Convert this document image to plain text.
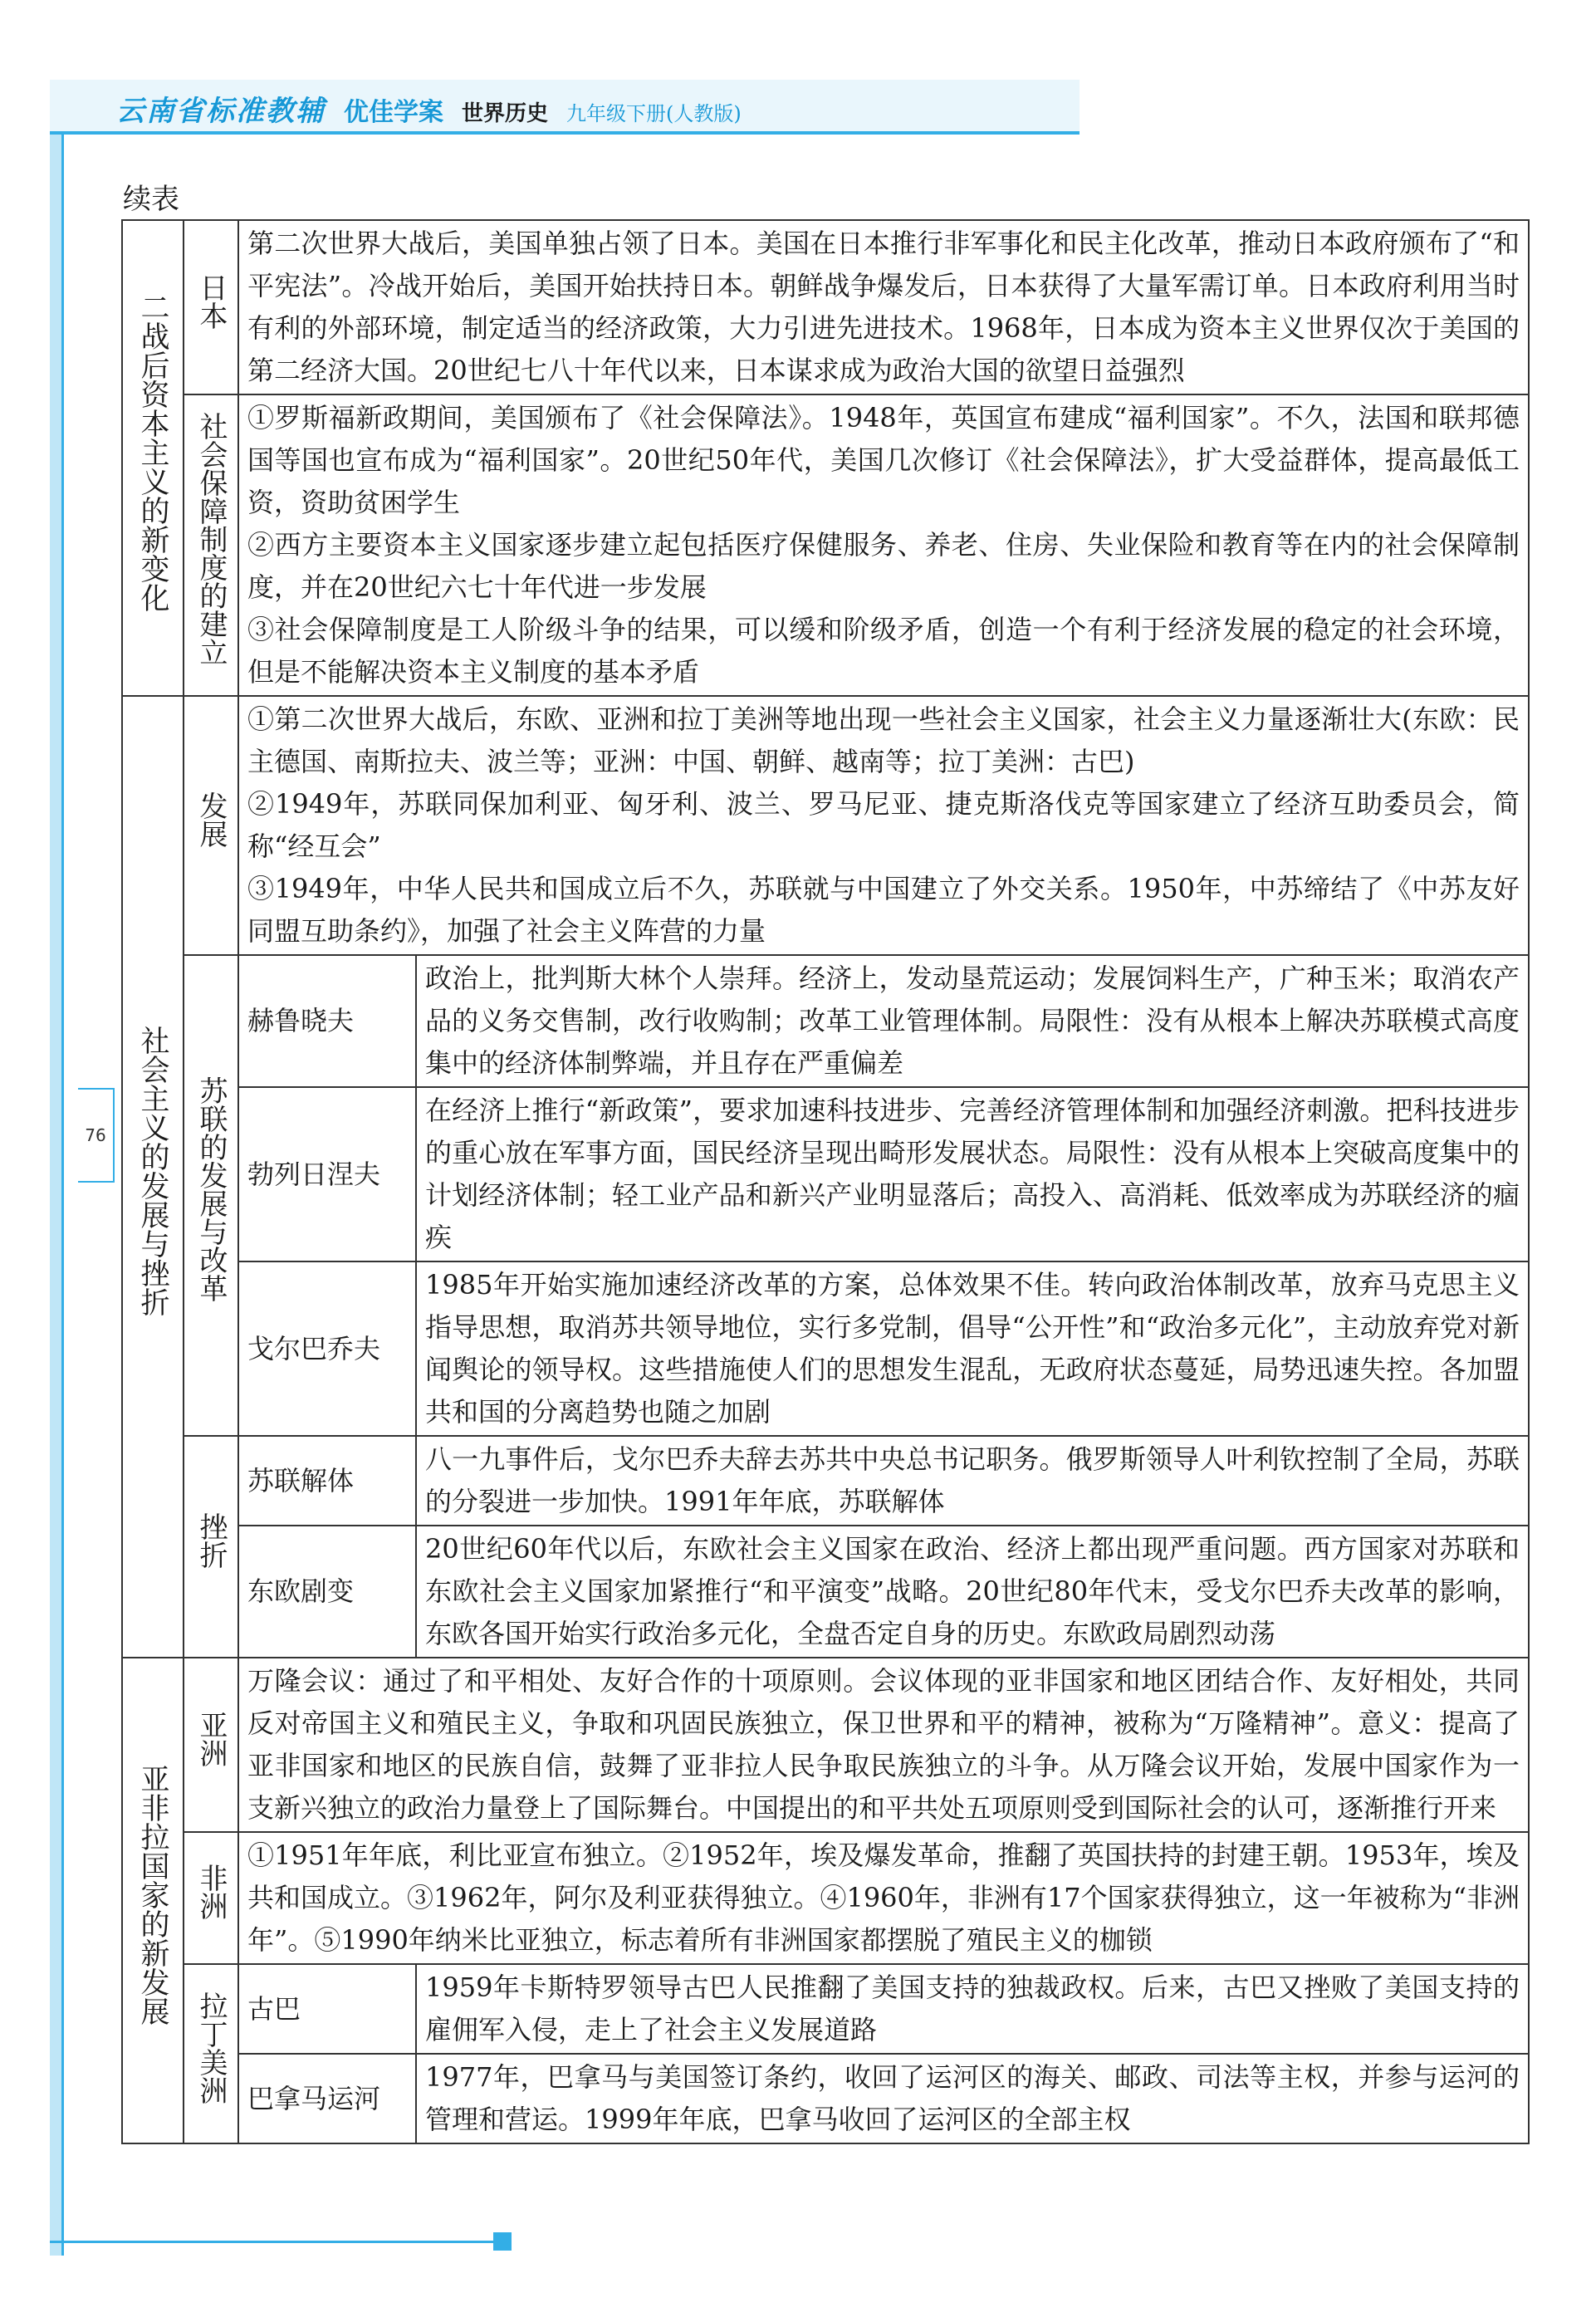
云南省标准教辅 优佳学案 世界历史 九年级下册(人教版)
76
续表
二战后资本主义的新变化	日本	第二次世界大战后，美国单独占领了日本。美国在日本推行非军事化和民主化改革，推动日本政府颁布了“和平宪法”。冷战开始后，美国开始扶持日本。朝鲜战争爆发后，日本获得了大量军需订单。日本政府利用当时有利的外部环境，制定适当的经济政策，大力引进先进技术。1968年，日本成为资本主义世界仅次于美国的第二经济大国。20世纪七八十年代以来，日本谋求成为政治大国的欲望日益强烈	
	社会保障制度的建立	①罗斯福新政期间，美国颁布了《社会保障法》。1948年，英国宣布建成“福利国家”。不久，法国和联邦德国等国也宣布成为“福利国家”。20世纪50年代，美国几次修订《社会保障法》，扩大受益群体，提高最低工资，资助贫困学生
②西方主要资本主义国家逐步建立起包括医疗保健服务、养老、住房、失业保险和教育等在内的社会保障制度，并在20世纪六七十年代进一步发展
③社会保障制度是工人阶级斗争的结果，可以缓和阶级矛盾，创造一个有利于经济发展的稳定的社会环境，但是不能解决资本主义制度的基本矛盾	

社会主义的发展与挫折	发展	①第二次世界大战后，东欧、亚洲和拉丁美洲等地出现一些社会主义国家，社会主义力量逐渐壮大(东欧：民主德国、南斯拉夫、波兰等；亚洲：中国、朝鲜、越南等；拉丁美洲：古巴)
②1949年，苏联同保加利亚、匈牙利、波兰、罗马尼亚、捷克斯洛伐克等国家建立了经济互助委员会，简称“经互会”
③1949年，中华人民共和国成立后不久，苏联就与中国建立了外交关系。1950年，中苏缔结了《中苏友好同盟互助条约》，加强了社会主义阵营的力量	

	苏联的发展与改革	赫鲁晓夫	政治上，批判斯大林个人崇拜。经济上，发动垦荒运动；发展饲料生产，广种玉米；取消农产品的义务交售制，改行收购制；改革工业管理体制。局限性：没有从根本上解决苏联模式高度集中的经济体制弊端，并且存在严重偏差
		勃列日涅夫	在经济上推行“新政策”，要求加速科技进步、完善经济管理体制和加强经济刺激。把科技进步的重心放在军事方面，国民经济呈现出畸形发展状态。局限性：没有从根本上突破高度集中的计划经济体制；轻工业产品和新兴产业明显落后；高投入、高消耗、低效率成为苏联经济的痼疾
		戈尔巴乔夫	1985年开始实施加速经济改革的方案，总体效果不佳。转向政治体制改革，放弃马克思主义指导思想，取消苏共领导地位，实行多党制，倡导“公开性”和“政治多元化”，主动放弃党对新闻舆论的领导权。这些措施使人们的思想发生混乱，无政府状态蔓延，局势迅速失控。各加盟共和国的分离趋势也随之加剧
	挫折	苏联解体	八一九事件后，戈尔巴乔夫辞去苏共中央总书记职务。俄罗斯领导人叶利钦控制了全局，苏联的分裂进一步加快。1991年年底，苏联解体
		东欧剧变	20世纪60年代以后，东欧社会主义国家在政治、经济上都出现严重问题。西方国家对苏联和东欧社会主义国家加紧推行“和平演变”战略。20世纪80年代末，受戈尔巴乔夫改革的影响，东欧各国开始实行政治多元化，全盘否定自身的历史。东欧政局剧烈动荡
亚非拉国家的新发展	亚洲	万隆会议：通过了和平相处、友好合作的十项原则。会议体现的亚非国家和地区团结合作、友好相处，共同反对帝国主义和殖民主义，争取和巩固民族独立，保卫世界和平的精神，被称为“万隆精神”。意义：提高了亚非国家和地区的民族自信，鼓舞了亚非拉人民争取民族独立的斗争。从万隆会议开始，发展中国家作为一支新兴独立的政治力量登上了国际舞台。中国提出的和平共处五项原则受到国际社会的认可，逐渐推行开来	
	非洲	①1951年年底，利比亚宣布独立。②1952年，埃及爆发革命，推翻了英国扶持的封建王朝。1953年，埃及共和国成立。③1962年，阿尔及利亚获得独立。④1960年，非洲有17个国家获得独立，这一年被称为“非洲年”。⑤1990年纳米比亚独立，标志着所有非洲国家都摆脱了殖民主义的枷锁	
	拉丁美洲	古巴	1959年卡斯特罗领导古巴人民推翻了美国支持的独裁政权。后来，古巴又挫败了美国支持的雇佣军入侵，走上了社会主义发展道路
		巴拿马运河	1977年，巴拿马与美国签订条约，收回了运河区的海关、邮政、司法等主权，并参与运河的管理和营运。1999年年底，巴拿马收回了运河区的全部主权
